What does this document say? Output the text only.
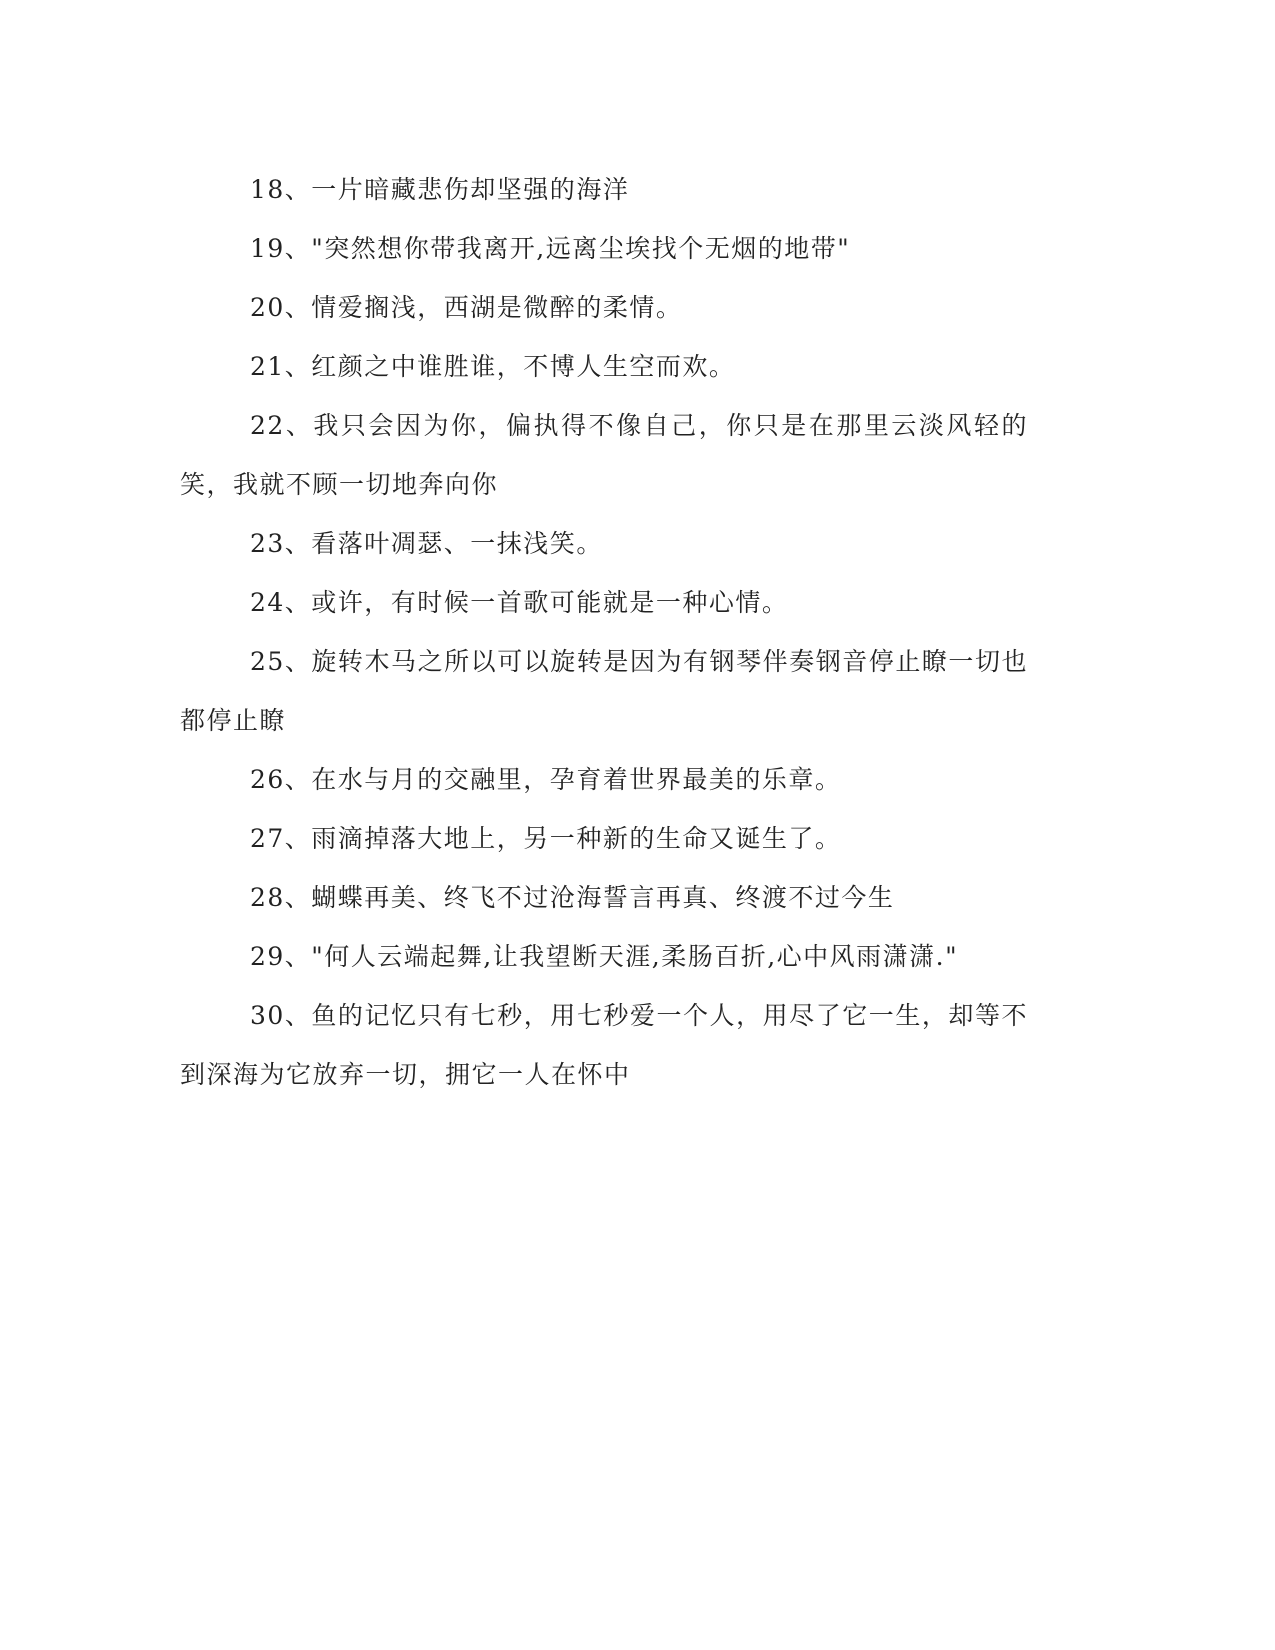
18、一片暗藏悲伤却坚强的海洋

19、"突然想你带我离开,远离尘埃找个无烟的地带"

20、情爱搁浅，西湖是微醉的柔情。

21、红颜之中谁胜谁，不博人生空而欢。

22、我只会因为你，偏执得不像自己，你只是在那里云淡风轻的笑，我就不顾一切地奔向你

23、看落叶凋瑟、一抹浅笑。

24、或许，有时候一首歌可能就是一种心情。

25、旋转木马之所以可以旋转是因为有钢琴伴奏钢音停止瞭一切也都停止瞭

26、在水与月的交融里，孕育着世界最美的乐章。

27、雨滴掉落大地上，另一种新的生命又诞生了。

28、蝴蝶再美、终飞不过沧海誓言再真、终渡不过今生

29、"何人云端起舞,让我望断天涯,柔肠百折,心中风雨潇潇."

30、鱼的记忆只有七秒，用七秒爱一个人，用尽了它一生，却等不到深海为它放弃一切，拥它一人在怀中
